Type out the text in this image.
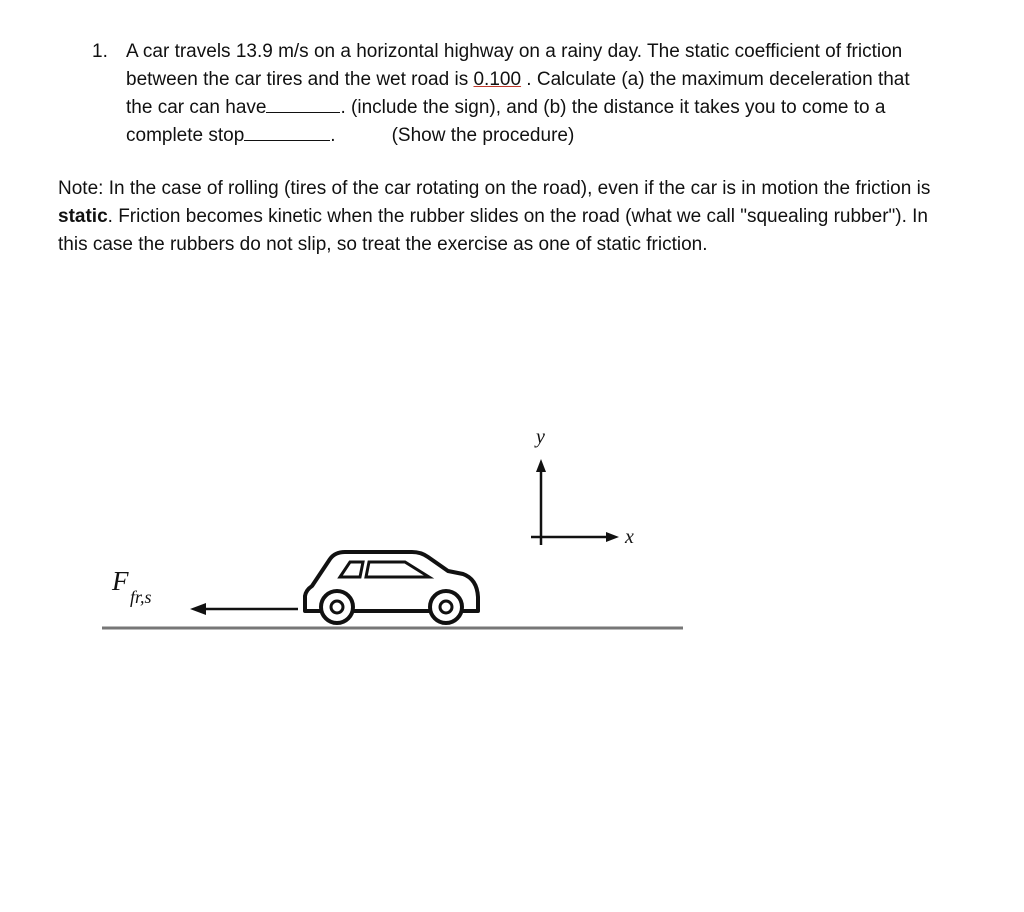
1. A car travels 13.9 m/s on a horizontal highway on a rainy day. The static coefficient of friction between the car tires and the wet road is 0.100 . Calculate (a) the maximum deceleration that the car can have	. (include the sign), and (b) the distance it takes you to come to a complete stop	.	(Show the procedure)
Note: In the case of rolling (tires of the car rotating on the road), even if the car is in motion the friction is static. Friction becomes kinetic when the rubber slides on the road (what we call "squealing rubber"). In this case the rubbers do not slip, so treat the exercise as one of static friction.
F
fr,s
y
x
